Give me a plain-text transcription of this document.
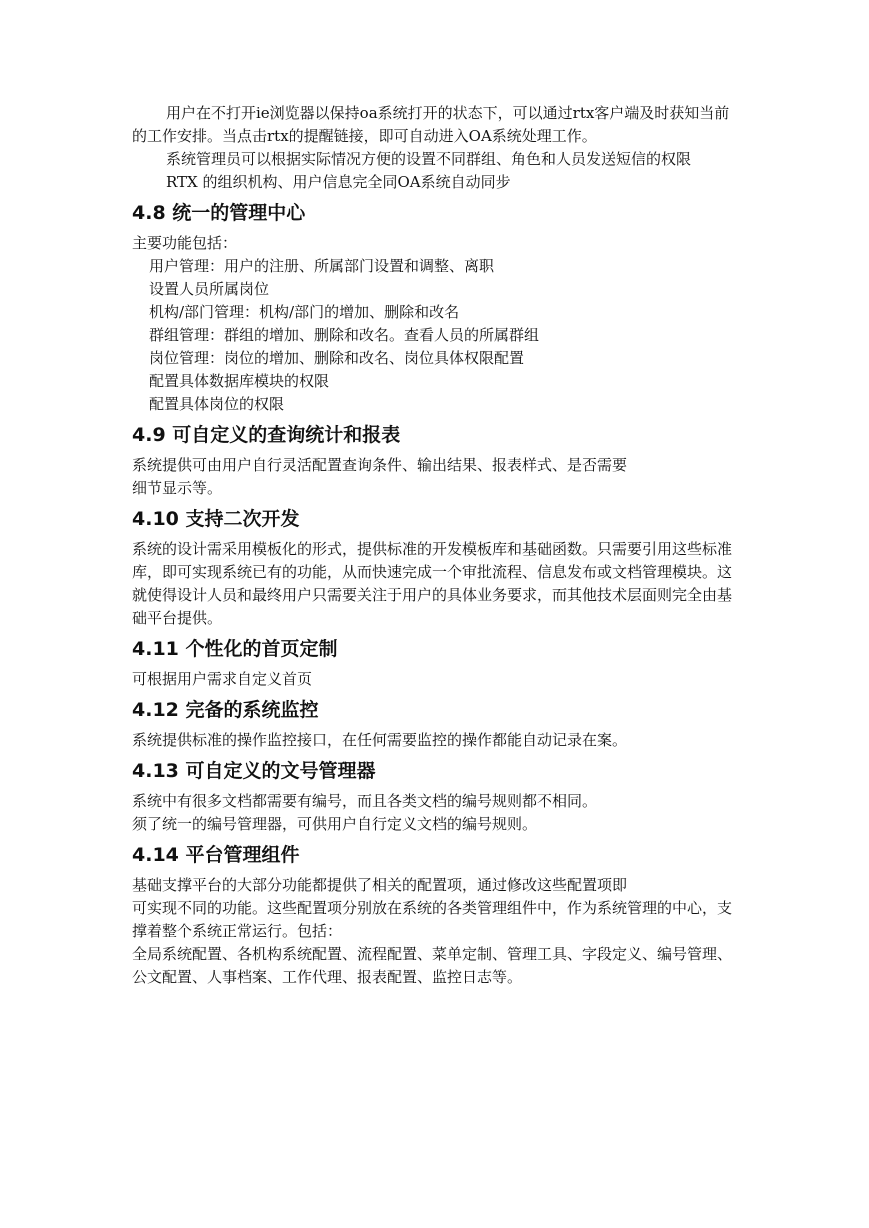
用户在不打开ie浏览器以保持oa系统打开的状态下，可以通过rtx客户端及时获知当前的工作安排。当点击rtx的提醒链接，即可自动进入OA系统处理工作。

系统管理员可以根据实际情况方便的设置不同群组、角色和人员发送短信的权限

RTX 的组织机构、用户信息完全同OA系统自动同步

4.8 统一的管理中心

主要功能包括：

用户管理：用户的注册、所属部门设置和调整、离职

设置人员所属岗位

机构/部门管理：机构/部门的增加、删除和改名

群组管理：群组的增加、删除和改名。查看人员的所属群组

岗位管理：岗位的增加、删除和改名、岗位具体权限配置

配置具体数据库模块的权限

配置具体岗位的权限

4.9 可自定义的查询统计和报表

系统提供可由用户自行灵活配置查询条件、输出结果、报表样式、是否需要

细节显示等。

4.10 支持二次开发

系统的设计需采用模板化的形式，提供标准的开发模板库和基础函数。只需要引用这些标准库，即可实现系统已有的功能，从而快速完成一个审批流程、信息发布或文档管理模块。这就使得设计人员和最终用户只需要关注于用户的具体业务要求，而其他技术层面则完全由基础平台提供。

4.11 个性化的首页定制

可根据用户需求自定义首页

4.12 完备的系统监控

系统提供标准的操作监控接口，在任何需要监控的操作都能自动记录在案。

4.13 可自定义的文号管理器

系统中有很多文档都需要有编号，而且各类文档的编号规则都不相同。

须了统一的编号管理器，可供用户自行定义文档的编号规则。

4.14 平台管理组件

基础支撑平台的大部分功能都提供了相关的配置项，通过修改这些配置项即

可实现不同的功能。这些配置项分别放在系统的各类管理组件中，作为系统管理的中心，支撑着整个系统正常运行。包括：

全局系统配置、各机构系统配置、流程配置、菜单定制、管理工具、字段定义、编号管理、公文配置、人事档案、工作代理、报表配置、监控日志等。
